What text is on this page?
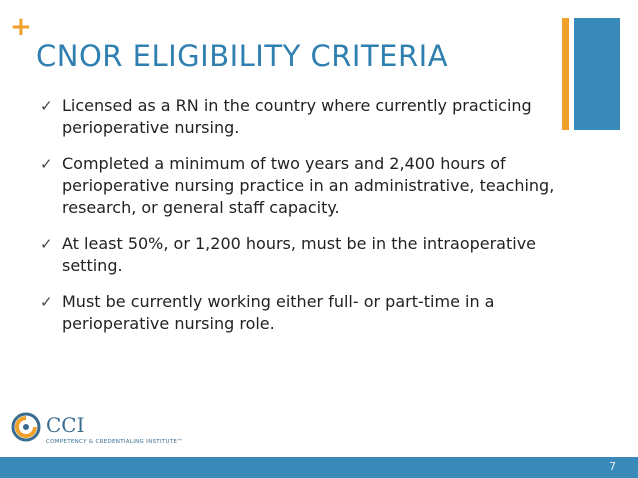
+
CNOR ELIGIBILITY CRITERIA
✓ Licensed as a RN in the country where currently practicing perioperative nursing.
✓ Completed a minimum of two years and 2,400 hours of perioperative nursing practice in an administrative, teaching, research, or general staff capacity.
✓ At least 50%, or 1,200 hours, must be in the intraoperative setting.
✓ Must be currently working either full- or part-time in a perioperative nursing role.
CCI
COMPETENCY & CREDENTIALING INSTITUTE™
7
